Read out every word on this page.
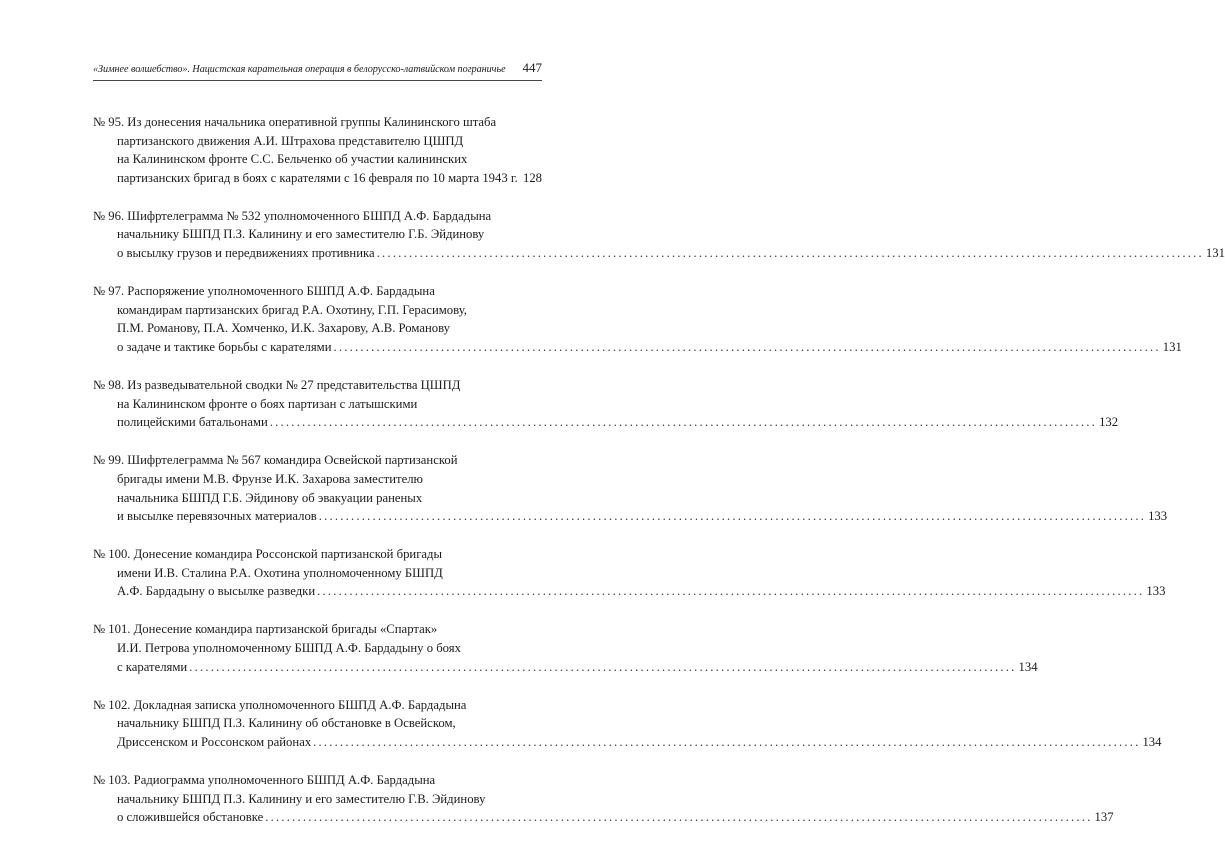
«Зимнее волшебство». Нацистская карательная операция в белорусско-латвийском пограничье 447
№ 95. Из донесения начальника оперативной группы Калининского штаба
партизанского движения А.И. Штрахова представителю ЦШПД
на Калининском фронте С.С. Бельченко об участии калининских
партизанских бригад в боях с карателями с 16 февраля по 10 марта 1943 г. 128
№ 96. Шифртелеграмма № 532 уполномоченного БШПД А.Ф. Бардадына
начальнику БШПД П.З. Калинину и его заместителю Г.Б. Эйдинову
о высылку грузов и передвижениях противника .......................................................................................................................................................... 131
№ 97. Распоряжение уполномоченного БШПД А.Ф. Бардадына
командирам партизанских бригад Р.А. Охотину, Г.П. Герасимову,
П.М. Романову, П.А. Хомченко, И.К. Захарову, А.В. Романову
о задаче и тактике борьбы с карателями .......................................................................................................................................................... 131
№ 98. Из разведывательной сводки № 27 представительства ЦШПД
на Калининском фронте о боях партизан с латышскими
полицейскими батальонами .......................................................................................................................................................... 132
№ 99. Шифртелеграмма № 567 командира Освейской партизанской
бригады имени М.В. Фрунзе И.К. Захарова заместителю
начальника БШПД Г.Б. Эйдинову об эвакуации раненых
и высылке перевязочных материалов .......................................................................................................................................................... 133
№ 100. Донесение командира Россонской партизанской бригады
имени И.В. Сталина Р.А. Охотина уполномоченному БШПД
А.Ф. Бардадыну о высылке разведки .......................................................................................................................................................... 133
№ 101. Донесение командира партизанской бригады «Спартак»
И.И. Петрова уполномоченному БШПД А.Ф. Бардадыну о боях
с карателями .......................................................................................................................................................... 134
№ 102. Докладная записка уполномоченного БШПД А.Ф. Бардадына
начальнику БШПД П.З. Калинину об обстановке в Освейском,
Дриссенском и Россонском районах .......................................................................................................................................................... 134
№ 103. Радиограмма уполномоченного БШПД А.Ф. Бардадына
начальнику БШПД П.З. Калинину и его заместителю Г.В. Эйдинову
о сложившейся обстановке .......................................................................................................................................................... 137
